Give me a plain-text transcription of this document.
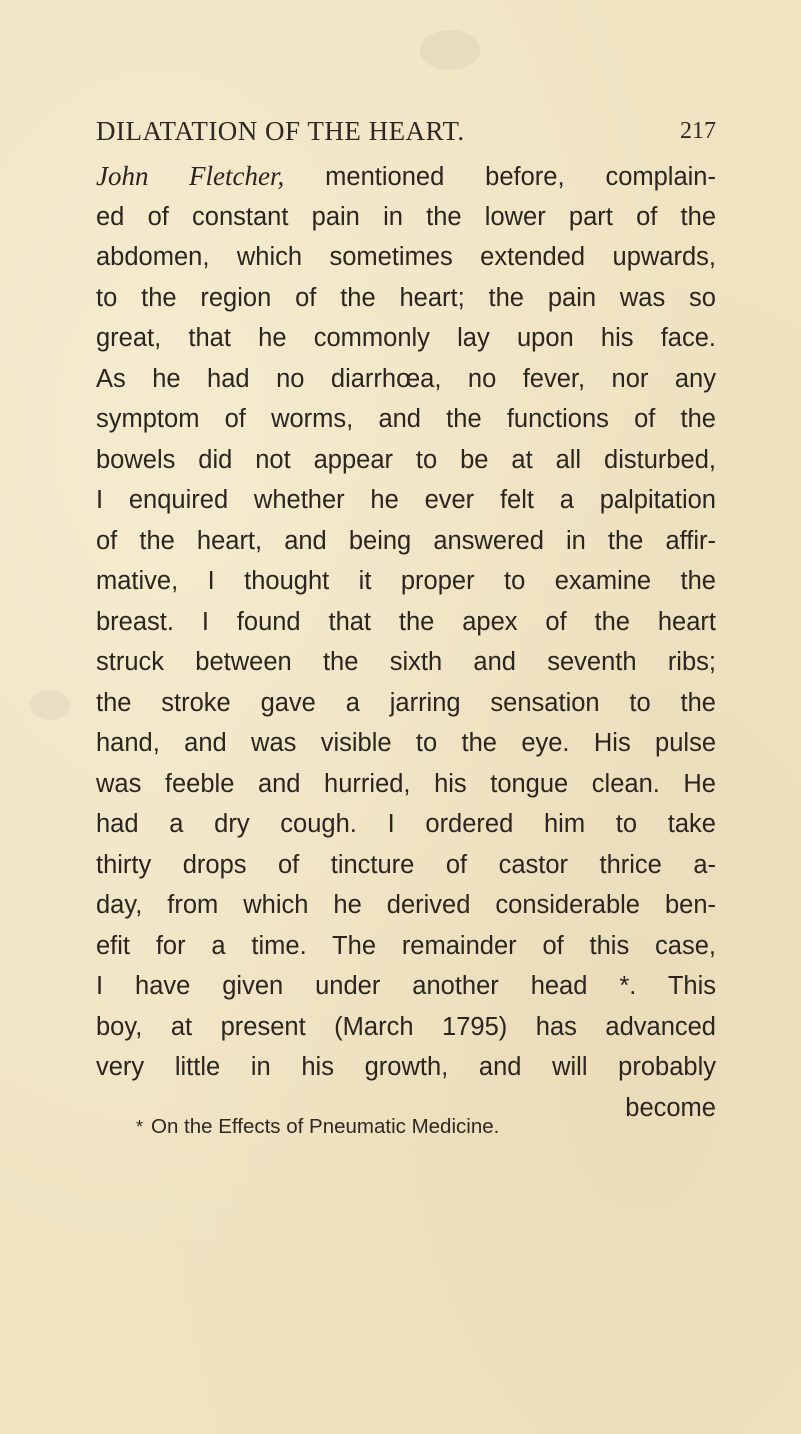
DILATATION OF THE HEART.	217
John Fletcher, mentioned before, complain-
ed of constant pain in the lower part of the
abdomen, which sometimes extended upwards,
to the region of the heart; the pain was so
great, that he commonly lay upon his face.
As he had no diarrhœa, no fever, nor any
symptom of worms, and the functions of the
bowels did not appear to be at all disturbed,
I enquired whether he ever felt a palpitation
of the heart, and being answered in the affir-
mative, I thought it proper to examine the
breast. I found that the apex of the heart
struck between the sixth and seventh ribs;
the stroke gave a jarring sensation to the
hand, and was visible to the eye. His pulse
was feeble and hurried, his tongue clean. He
had a dry cough. I ordered him to take
thirty drops of tincture of castor thrice a-
day, from which he derived considerable ben-
efit for a time. The remainder of this case,
I have given under another head *. This
boy, at present (March 1795) has advanced
very little in his growth, and will probably
become
* On the Effects of Pneumatic Medicine.
